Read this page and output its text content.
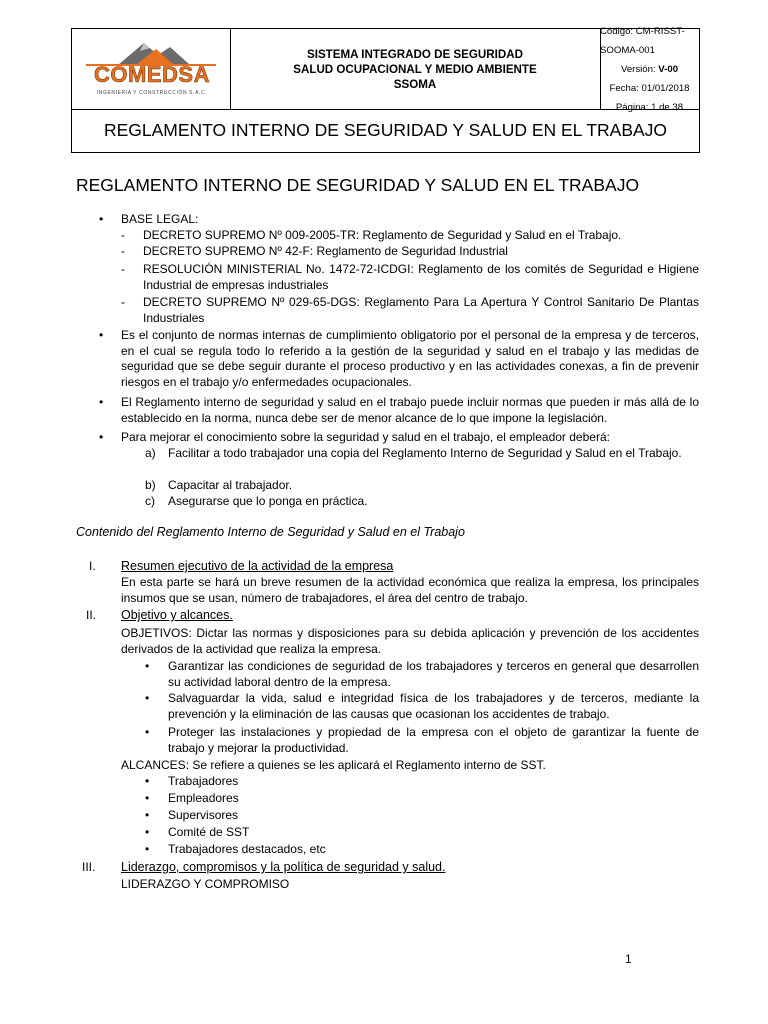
COMEDSA
INGENIERIA Y CONSTRUCCIÓN S.A.C.
SISTEMA INTEGRADO DE SEGURIDAD
SALUD OCUPACIONAL Y MEDIO AMBIENTE
SSOMA
Código: CM-RISST-SOOMA-001
Versión: V-00
Fecha: 01/01/2018
Página: 1 de 38
REGLAMENTO INTERNO DE SEGURIDAD Y SALUD EN EL TRABAJO
REGLAMENTO INTERNO DE SEGURIDAD Y SALUD EN EL TRABAJO
• BASE LEGAL:
- DECRETO SUPREMO Nº 009-2005-TR: Reglamento de Seguridad y Salud en el Trabajo.
- DECRETO SUPREMO Nº 42-F: Reglamento de Seguridad Industrial
- RESOLUCIÓN MINISTERIAL No. 1472-72-ICDGI: Reglamento de los comités de Seguridad e Higiene Industrial de empresas industriales
- DECRETO SUPREMO Nº 029-65-DGS: Reglamento Para La Apertura Y Control Sanitario De Plantas Industriales
• Es el conjunto de normas internas de cumplimiento obligatorio por el personal de la empresa y de terceros, en el cual se regula todo lo referido a la gestión de la seguridad y salud en el trabajo y las medidas de seguridad que se debe seguir durante el proceso productivo y en las actividades conexas, a fin de prevenir riesgos en el trabajo y/o enfermedades ocupacionales.
• El Reglamento interno de seguridad y salud en el trabajo puede incluir normas que pueden ir más allá de lo establecido en la norma, nunca debe ser de menor alcance de lo que impone la legislación.
• Para mejorar el conocimiento sobre la seguridad y salud en el trabajo, el empleador deberá:
a) Facilitar a todo trabajador una copia del Reglamento Interno de Seguridad y Salud en el Trabajo.
b) Capacitar al trabajador.
c) Asegurarse que lo ponga en práctica.
Contenido del Reglamento Interno de Seguridad y Salud en el Trabajo
I. Resumen ejecutivo de la actividad de la empresa
En esta parte se hará un breve resumen de la actividad económica que realiza la empresa, los principales insumos que se usan, número de trabajadores, el área del centro de trabajo.
II. Objetivo y alcances.
OBJETIVOS: Dictar las normas y disposiciones para su debida aplicación y prevención de los accidentes derivados de la actividad que realiza la empresa.
• Garantizar las condiciones de seguridad de los trabajadores y terceros en general que desarrollen su actividad laboral dentro de la empresa.
• Salvaguardar la vida, salud e integridad física de los trabajadores y de terceros, mediante la prevención y la eliminación de las causas que ocasionan los accidentes de trabajo.
• Proteger las instalaciones y propiedad de la empresa con el objeto de garantizar la fuente de trabajo y mejorar la productividad.
ALCANCES: Se refiere a quienes se les aplicará el Reglamento interno de SST.
• Trabajadores
• Empleadores
• Supervisores
• Comité de SST
• Trabajadores destacados, etc
III. Liderazgo, compromisos y la política de seguridad y salud.
LIDERAZGO Y COMPROMISO
1
